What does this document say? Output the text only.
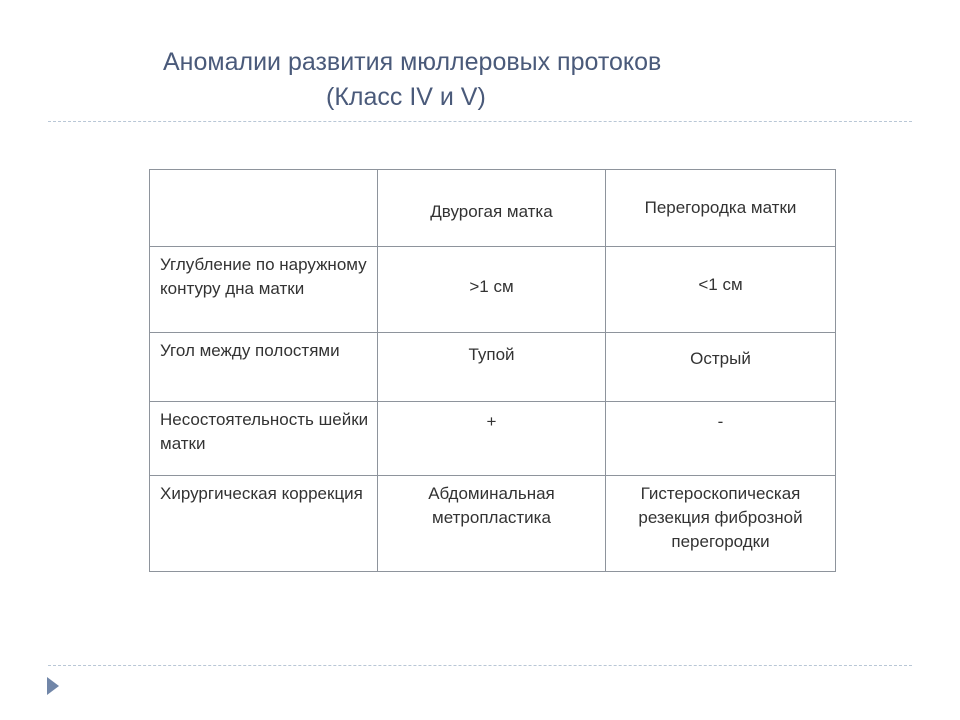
Аномалии развития мюллеровых протоков
(Класс IV и V)
	Двурогая матка	Перегородка матки
Углубление по наружному контуру дна матки	>1 см	<1 см
Угол между полостями	Тупой	Острый
Несостоятельность шейки матки	+	-
Хирургическая коррекция	Абдоминальная метропластика	Гистероскопическая резекция фиброзной перегородки
